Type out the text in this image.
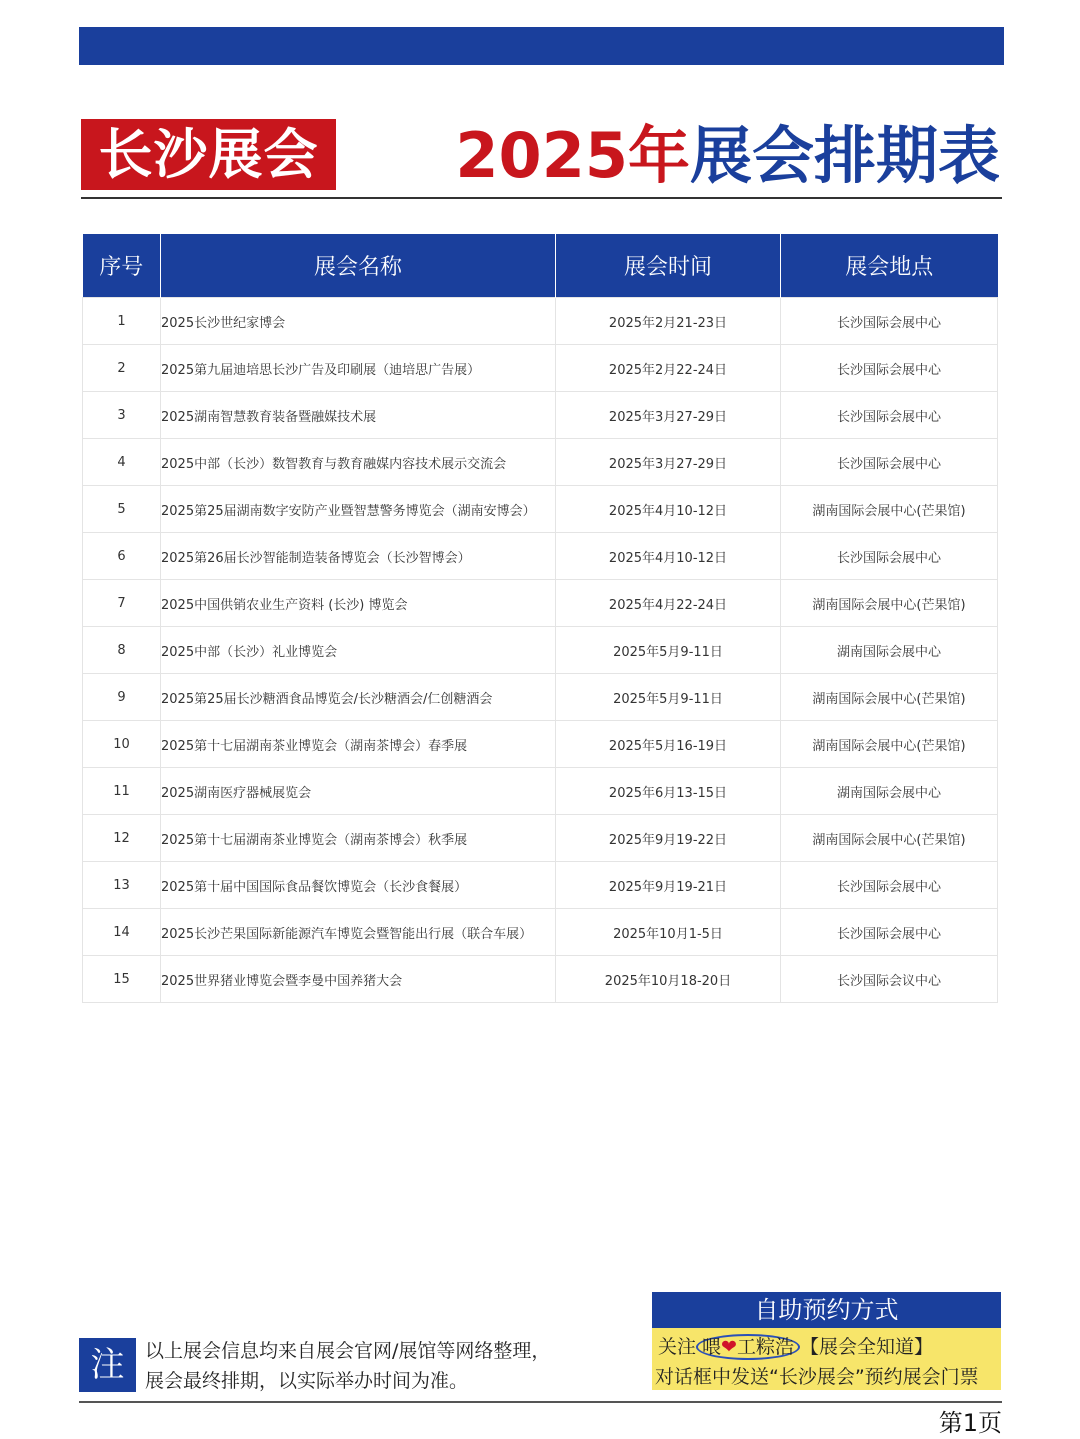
长沙展会 2025年展会排期表
序号	展会名称	展会时间	展会地点
1	2025长沙世纪家博会	2025年2月21-23日	长沙国际会展中心
2	2025第九届迪培思长沙广告及印刷展（迪培思广告展）	2025年2月22-24日	长沙国际会展中心
3	2025湖南智慧教育装备暨融媒技术展	2025年3月27-29日	长沙国际会展中心
4	2025中部（长沙）数智教育与教育融媒内容技术展示交流会	2025年3月27-29日	长沙国际会展中心
5	2025第25届湖南数字安防产业暨智慧警务博览会（湖南安博会）	2025年4月10-12日	湖南国际会展中心(芒果馆)
6	2025第26届长沙智能制造装备博览会（长沙智博会）	2025年4月10-12日	长沙国际会展中心
7	2025中国供销农业生产资料 (长沙) 博览会	2025年4月22-24日	湖南国际会展中心(芒果馆)
8	2025中部（长沙）礼业博览会	2025年5月9-11日	湖南国际会展中心
9	2025第25届长沙糖酒食品博览会/长沙糖酒会/仁创糖酒会	2025年5月9-11日	湖南国际会展中心(芒果馆)
10	2025第十七届湖南茶业博览会（湖南茶博会）春季展	2025年5月16-19日	湖南国际会展中心(芒果馆)
11	2025湖南医疗器械展览会	2025年6月13-15日	湖南国际会展中心
12	2025第十七届湖南茶业博览会（湖南茶博会）秋季展	2025年9月19-22日	湖南国际会展中心(芒果馆)
13	2025第十届中国国际食品餐饮博览会（长沙食餐展）	2025年9月19-21日	长沙国际会展中心
14	2025长沙芒果国际新能源汽车博览会暨智能出行展（联合车展）	2025年10月1-5日	长沙国际会展中心
15	2025世界猪业博览会暨李曼中国养猪大会	2025年10月18-20日	长沙国际会议中心
注	以上展会信息均来自展会官网/展馆等网络整理，
展会最终排期，以实际举办时间为准。
自助预约方式
关注 喂❤工粽浩 【展会全知道】
对话框中发送“长沙展会”预约展会门票
第1页
